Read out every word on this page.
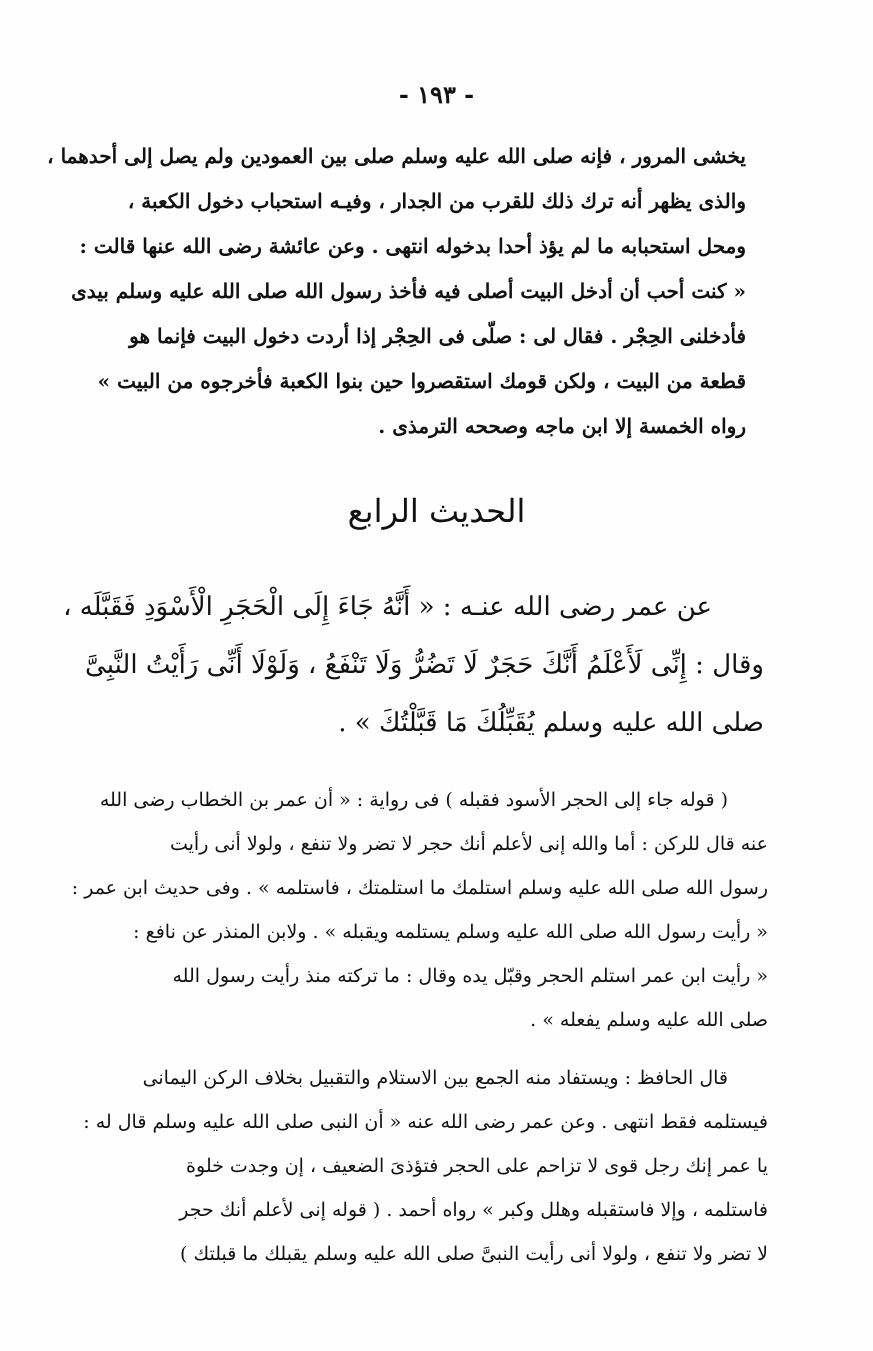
- ١٩٣ -
يخشى المرور ، فإنه صلى الله عليه وسلم صلى بين العمودين ولم يصل إلى أحدهما ،
والذى يظهر أنه ترك ذلك للقرب من الجدار ، وفيـه استحباب دخول الكعبة ،
ومحل استحبابه ما لم يؤذ أحدا بدخوله انتهى . وعن عائشة رضى الله عنها قالت :
« كنت أحب أن أدخل البيت أصلى فيه فأخذ رسول الله صلى الله عليه وسلم بيدى
فأدخلنى الحِجْر . فقال لى : صلّى فى الحِجْر إذا أردت دخول البيت فإنما هو
قطعة من البيت ، ولكن قومك استقصروا حين بنوا الكعبة فأخرجوه من البيت »
رواه الخمسة إلا ابن ماجه وصححه الترمذى .
الحديث الرابع
عن عمر رضى الله عنـه : « أَنَّهُ جَاءَ إِلَى الْحَجَرِ الْأَسْوَدِ فَقَبَّلَه ،
وقال : إِنِّى لَأَعْلَمُ أَنَّكَ حَجَرٌ لَا تَضُرُّ وَلَا تَنْفَعُ ، وَلَوْلَا أَنِّى رَأَيْتُ النَّبِىَّ
صلى الله عليه وسلم يُقَبِّلُكَ مَا قَبَّلْتُكَ » .
( قوله جاء إلى الحجر الأسود فقبله ) فى رواية : « أن عمر بن الخطاب رضى الله
عنه قال للركن : أما والله إنى لأعلم أنك حجر لا تضر ولا تنفع ، ولولا أنى رأيت
رسول الله صلى الله عليه وسلم استلمك ما استلمتك ، فاستلمه » . وفى حديث ابن عمر :
« رأيت رسول الله صلى الله عليه وسلم يستلمه ويقبله » . ولابن المنذر عن نافع :
« رأيت ابن عمر استلم الحجر وقبّل يده وقال : ما تركته منذ رأيت رسول الله
صلى الله عليه وسلم يفعله » .
قال الحافظ : ويستفاد منه الجمع بين الاستلام والتقبيل بخلاف الركن اليمانى
فيستلمه فقط انتهى . وعن عمر رضى الله عنه « أن النبى صلى الله عليه وسلم قال له :
يا عمر إنك رجل قوى لا تزاحم على الحجر فتؤذىَ الضعيف ، إن وجدت خلوة
فاستلمه ، وإلا فاستقبله وهلل وكبر » رواه أحمد . ( قوله إنى لأعلم أنك حجر
لا تضر ولا تنفع ، ولولا أنى رأيت النبىَّ صلى الله عليه وسلم يقبلك ما قبلتك )
